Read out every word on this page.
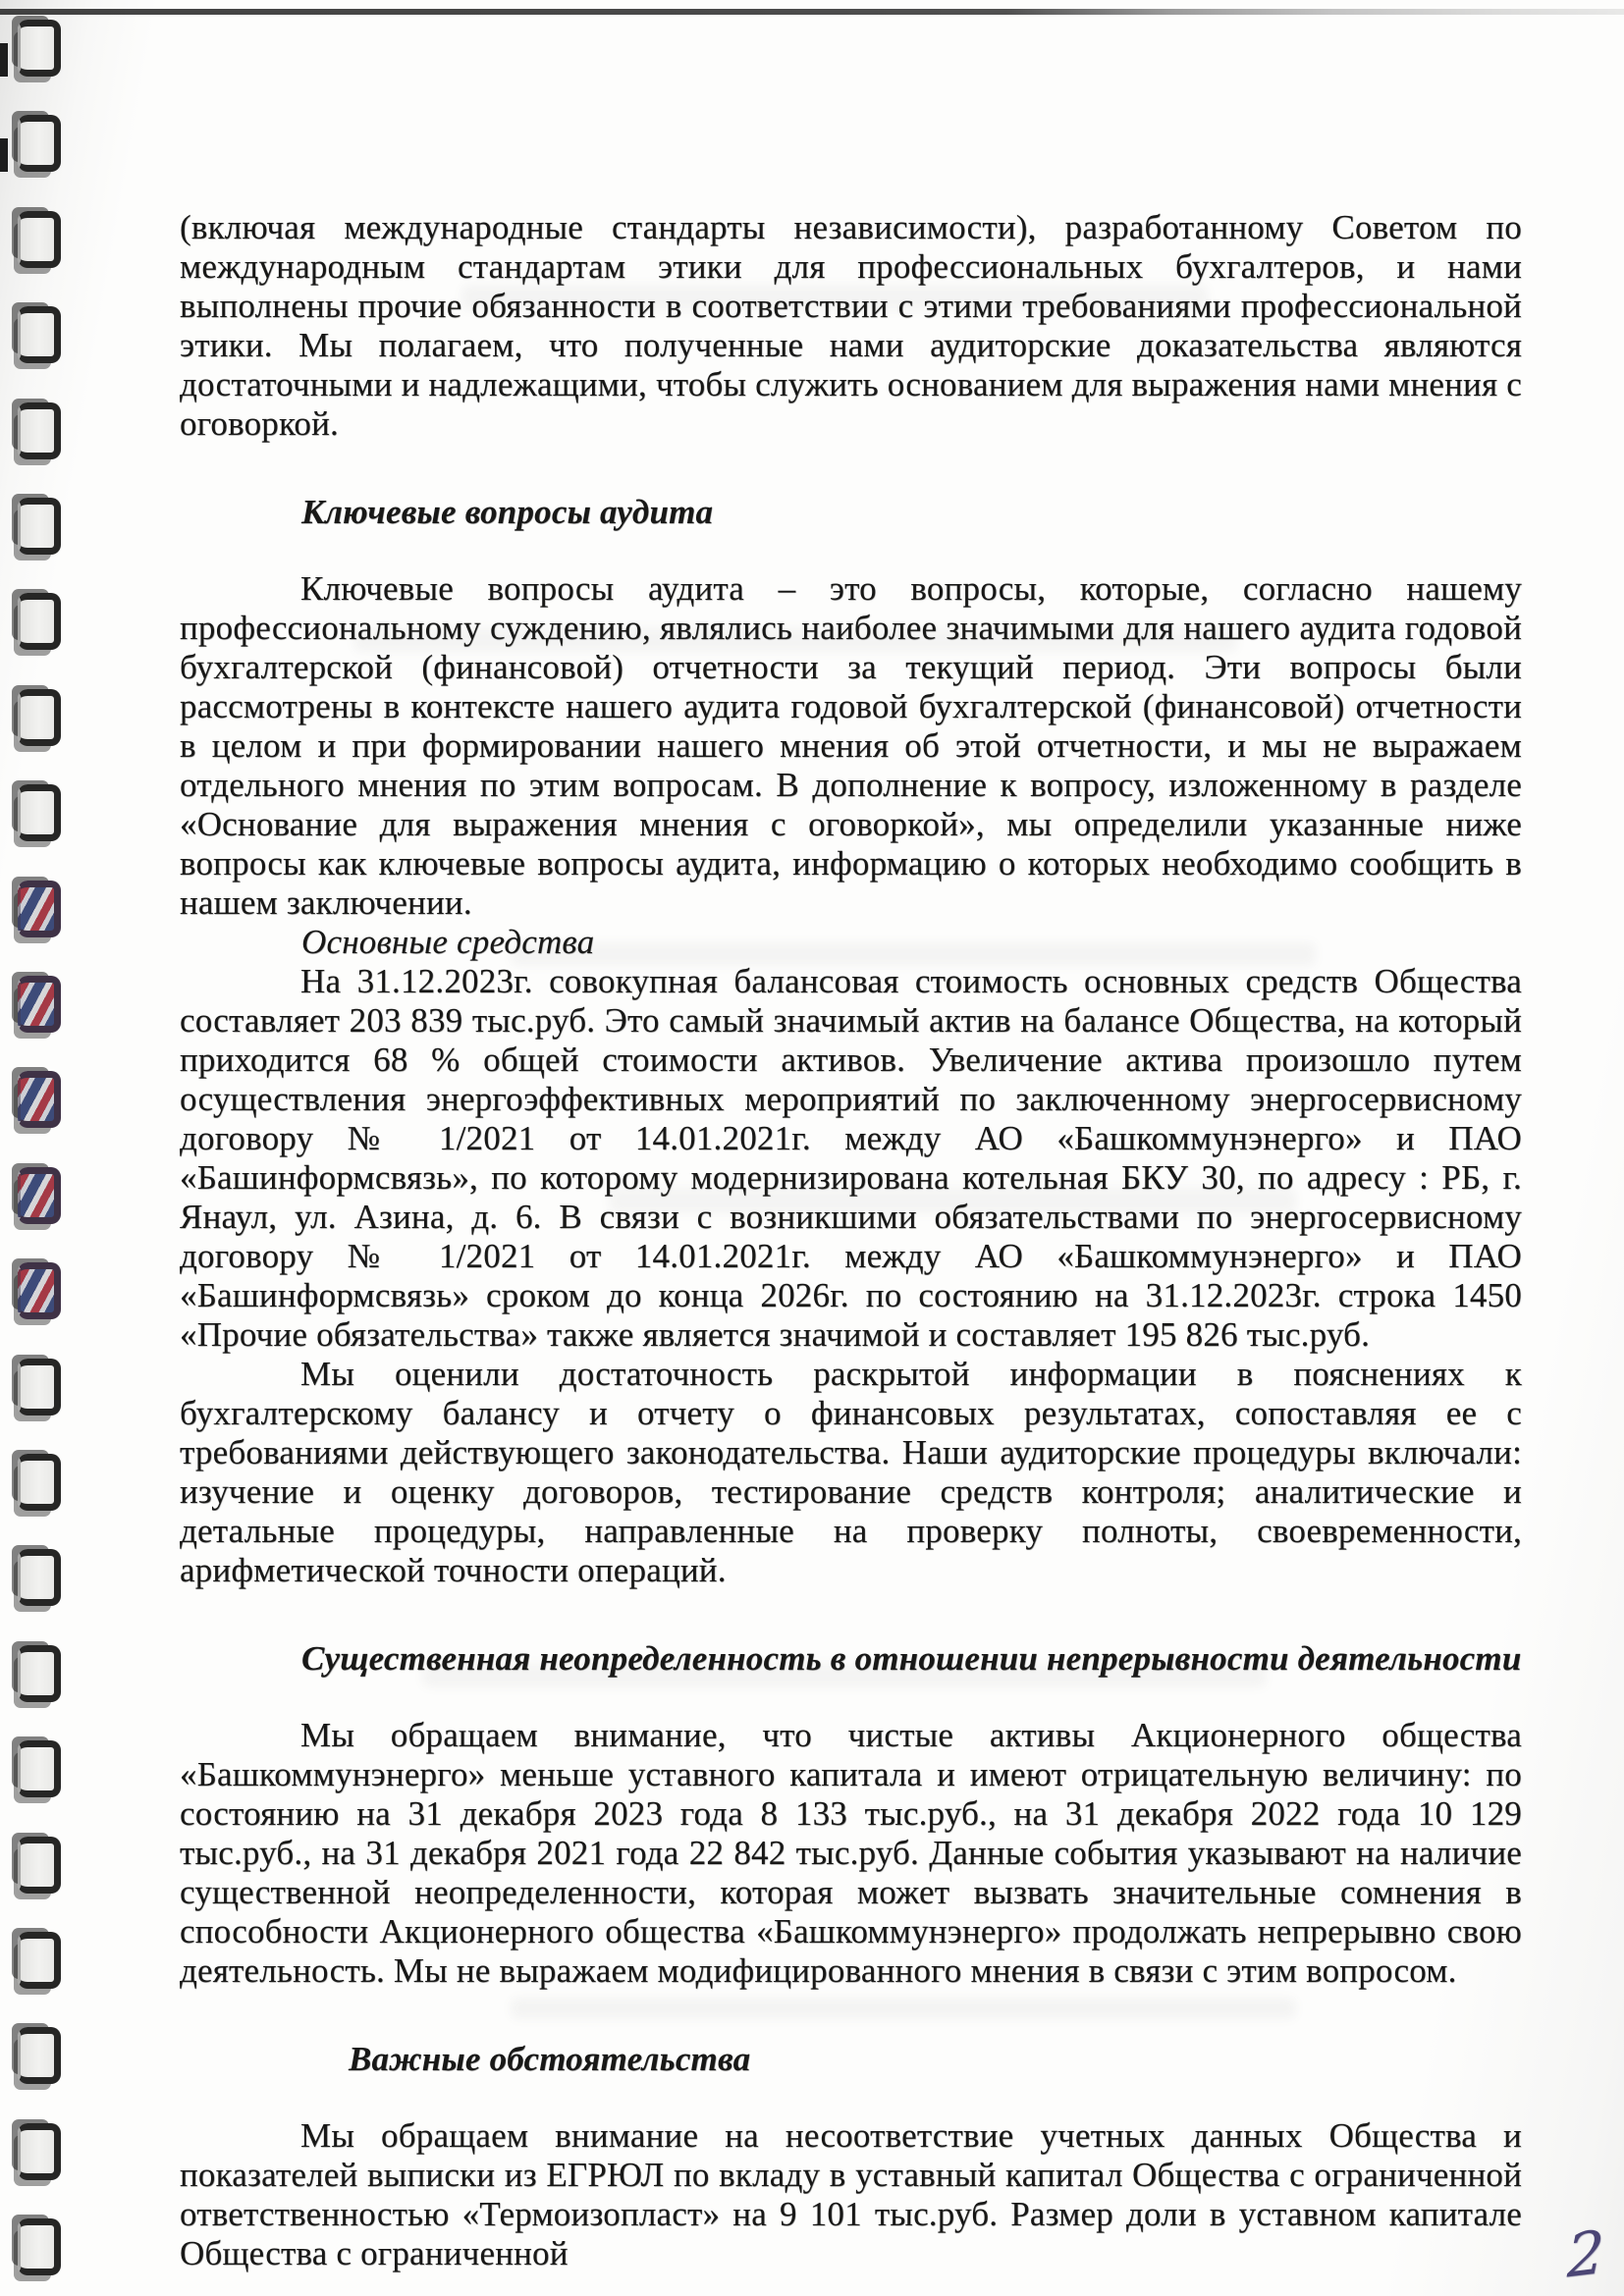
(включая международные стандарты независимости), разработанному Советом по международным стандартам этики для профессиональных бухгалтеров, и нами выполнены прочие обязанности в соответствии с этими требованиями профессиональной этики. Мы полагаем, что полученные нами аудиторские доказательства являются достаточными и надлежащими, чтобы служить основанием для выражения нами мнения с оговоркой.

Ключевые вопросы аудита

Ключевые вопросы аудита – это вопросы, которые, согласно нашему профессиональному суждению, являлись наиболее значимыми для нашего аудита годовой бухгалтерской (финансовой) отчетности за текущий период. Эти вопросы были рассмотрены в контексте нашего аудита годовой бухгалтерской (финансовой) отчетности в целом и при формировании нашего мнения об этой отчетности, и мы не выражаем отдельного мнения по этим вопросам. В дополнение к вопросу, изложенному в разделе «Основание для выражения мнения с оговоркой», мы определили указанные ниже вопросы как ключевые вопросы аудита, информацию о которых необходимо сообщить в нашем заключении.

Основные средства

На 31.12.2023г. совокупная балансовая стоимость основных средств Общества составляет 203 839 тыс.руб. Это самый значимый актив на балансе Общества, на который приходится 68 % общей стоимости активов. Увеличение актива произошло путем осуществления энергоэффективных мероприятий по заключенному энергосервисному договору № 1/2021 от 14.01.2021г. между АО «Башкоммунэнерго» и ПАО «Башинформсвязь», по которому модернизирована котельная БКУ 30, по адресу : РБ, г. Янаул, ул. Азина, д. 6. В связи с возникшими обязательствами по энергосервисному договору № 1/2021 от 14.01.2021г. между АО «Башкоммунэнерго» и ПАО «Башинформсвязь» сроком до конца 2026г. по состоянию на 31.12.2023г. строка 1450 «Прочие обязательства» также является значимой и составляет 195 826 тыс.руб.

Мы оценили достаточность раскрытой информации в пояснениях к бухгалтерскому балансу и отчету о финансовых результатах, сопоставляя ее с требованиями действующего законодательства. Наши аудиторские процедуры включали: изучение и оценку договоров, тестирование средств контроля; аналитические и детальные процедуры, направленные на проверку полноты, своевременности, арифметической точности операций.

Существенная неопределенность в отношении непрерывности деятельности

Мы обращаем внимание, что чистые активы Акционерного общества «Башкоммунэнерго» меньше уставного капитала и имеют отрицательную величину: по состоянию на 31 декабря 2023 года 8 133 тыс.руб., на 31 декабря 2022 года 10 129 тыс.руб., на 31 декабря 2021 года 22 842 тыс.руб. Данные события указывают на наличие существенной неопределенности, которая может вызвать значительные сомнения в способности Акционерного общества «Башкоммунэнерго» продолжать непрерывно свою деятельность. Мы не выражаем модифицированного мнения в связи с этим вопросом.

Важные обстоятельства

Мы обращаем внимание на несоответствие учетных данных Общества и показателей выписки из ЕГРЮЛ по вкладу в уставный капитал Общества с ограниченной ответственностью «Термоизопласт» на 9 101 тыс.руб. Размер доли в уставном капитале Общества с ограниченной	2
